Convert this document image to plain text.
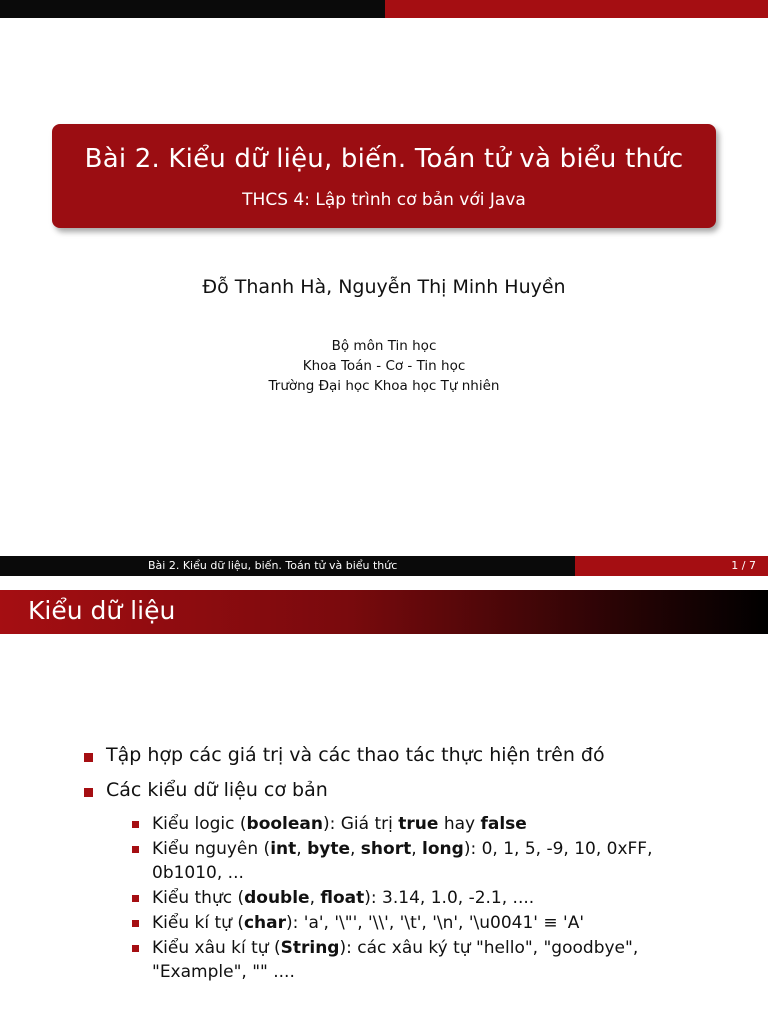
Bài 2. Kiểu dữ liệu, biến. Toán tử và biểu thức
THCS 4: Lập trình cơ bản với Java
Đỗ Thanh Hà, Nguyễn Thị Minh Huyền
Bộ môn Tin học
Khoa Toán - Cơ - Tin học
Trường Đại học Khoa học Tự nhiên
Bài 2. Kiểu dữ liệu, biến. Toán tử và biểu thức	1 / 7
Kiểu dữ liệu
Tập hợp các giá trị và các thao tác thực hiện trên đó
Các kiểu dữ liệu cơ bản
Kiểu logic (boolean): Giá trị true hay false
Kiểu nguyên (int, byte, short, long): 0, 1, 5, -9, 10, 0xFF, 0b1010, ...
Kiểu thực (double, float): 3.14, 1.0, -2.1, ....
Kiểu kí tự (char): 'a', '\"', '\\', '\t', '\n', '\u0041' ≡ 'A'
Kiểu xâu kí tự (String): các xâu ký tự "hello", "goodbye", "Example", "" ....
